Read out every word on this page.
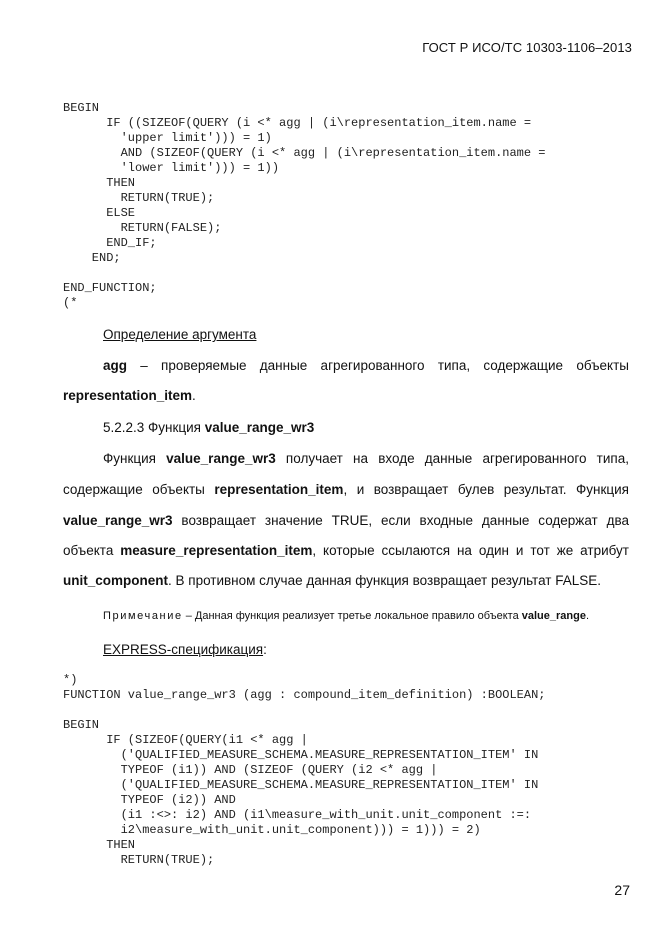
ГОСТ Р ИСО/ТС 10303-1106–2013
BEGIN
IF ((SIZEOF(QUERY (i <* agg | (i\representation_item.name =
'upper limit'))) = 1)
AND (SIZEOF(QUERY (i <* agg | (i\representation_item.name =
'lower limit'))) = 1))
THEN
RETURN(TRUE);
ELSE
RETURN(FALSE);
END_IF;
END;

END_FUNCTION;
(*
Определение аргумента
agg – проверяемые данные агрегированного типа, содержащие объекты
representation_item.
5.2.2.3 Функция value_range_wr3
Функция value_range_wr3 получает на входе данные агрегированного типа,
содержащие объекты representation_item, и возвращает булев результат. Функция
value_range_wr3 возвращает значение TRUE, если входные данные содержат два
объекта measure_representation_item, которые ссылаются на один и тот же атрибут
unit_component. В противном случае данная функция возвращает результат FALSE.
Примечание – Данная функция реализует третье локальное правило объекта value_range.
EXPRESS-спецификация:
*)
FUNCTION value_range_wr3 (agg : compound_item_definition) :BOOLEAN;

BEGIN
IF (SIZEOF(QUERY(i1 <* agg |
('QUALIFIED_MEASURE_SCHEMA.MEASURE_REPRESENTATION_ITEM' IN
TYPEOF (i1)) AND (SIZEOF (QUERY (i2 <* agg |
('QUALIFIED_MEASURE_SCHEMA.MEASURE_REPRESENTATION_ITEM' IN
TYPEOF (i2)) AND
(i1 :<>: i2) AND (i1\measure_with_unit.unit_component :=:
i2\measure_with_unit.unit_component))) = 1))) = 2)
THEN
RETURN(TRUE);
27
